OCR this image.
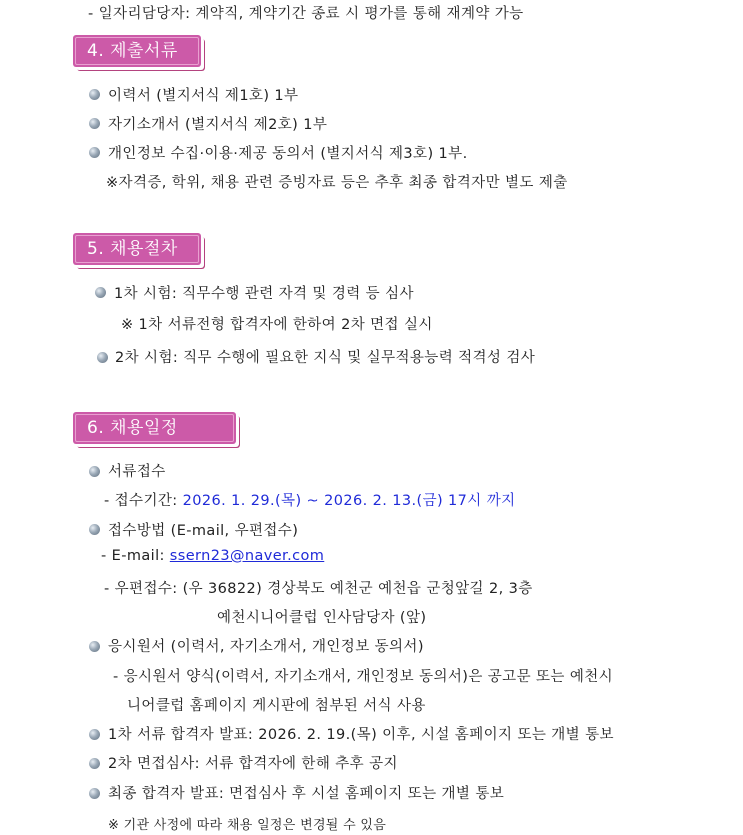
- 일자리담당자: 계약직, 계약기간 종료 시 평가를 통해 재계약 가능
4. 제출서류
이력서 (별지서식 제1호) 1부
자기소개서 (별지서식 제2호) 1부
개인정보 수집·이용·제공 동의서 (별지서식 제3호) 1부.
※자격증, 학위, 채용 관련 증빙자료 등은 추후 최종 합격자만 별도 제출
5. 채용절차
1차 시험: 직무수행 관련 자격 및 경력 등 심사
※ 1차 서류전형 합격자에 한하여 2차 면접 실시
2차 시험: 직무 수행에 필요한 지식 및 실무적용능력 적격성 검사
6. 채용일정
서류접수
- 접수기간: 2026. 1. 29.(목) ~ 2026. 2. 13.(금) 17시 까지
접수방법 (E-mail, 우편접수)
- E-mail: ssern23@naver.com
- 우편접수: (우 36822) 경상북도 예천군 예천읍 군청앞길 2, 3층
예천시니어클럽 인사담당자 (앞)
응시원서 (이력서, 자기소개서, 개인정보 동의서)
- 응시원서 양식(이력서, 자기소개서, 개인정보 동의서)은 공고문 또는 예천시
니어클럽 홈페이지 게시판에 첨부된 서식 사용
1차 서류 합격자 발표: 2026. 2. 19.(목) 이후, 시설 홈페이지 또는 개별 통보
2차 면접심사: 서류 합격자에 한해 추후 공지
최종 합격자 발표: 면접심사 후 시설 홈페이지 또는 개별 통보
※ 기관 사정에 따라 채용 일정은 변경될 수 있음
